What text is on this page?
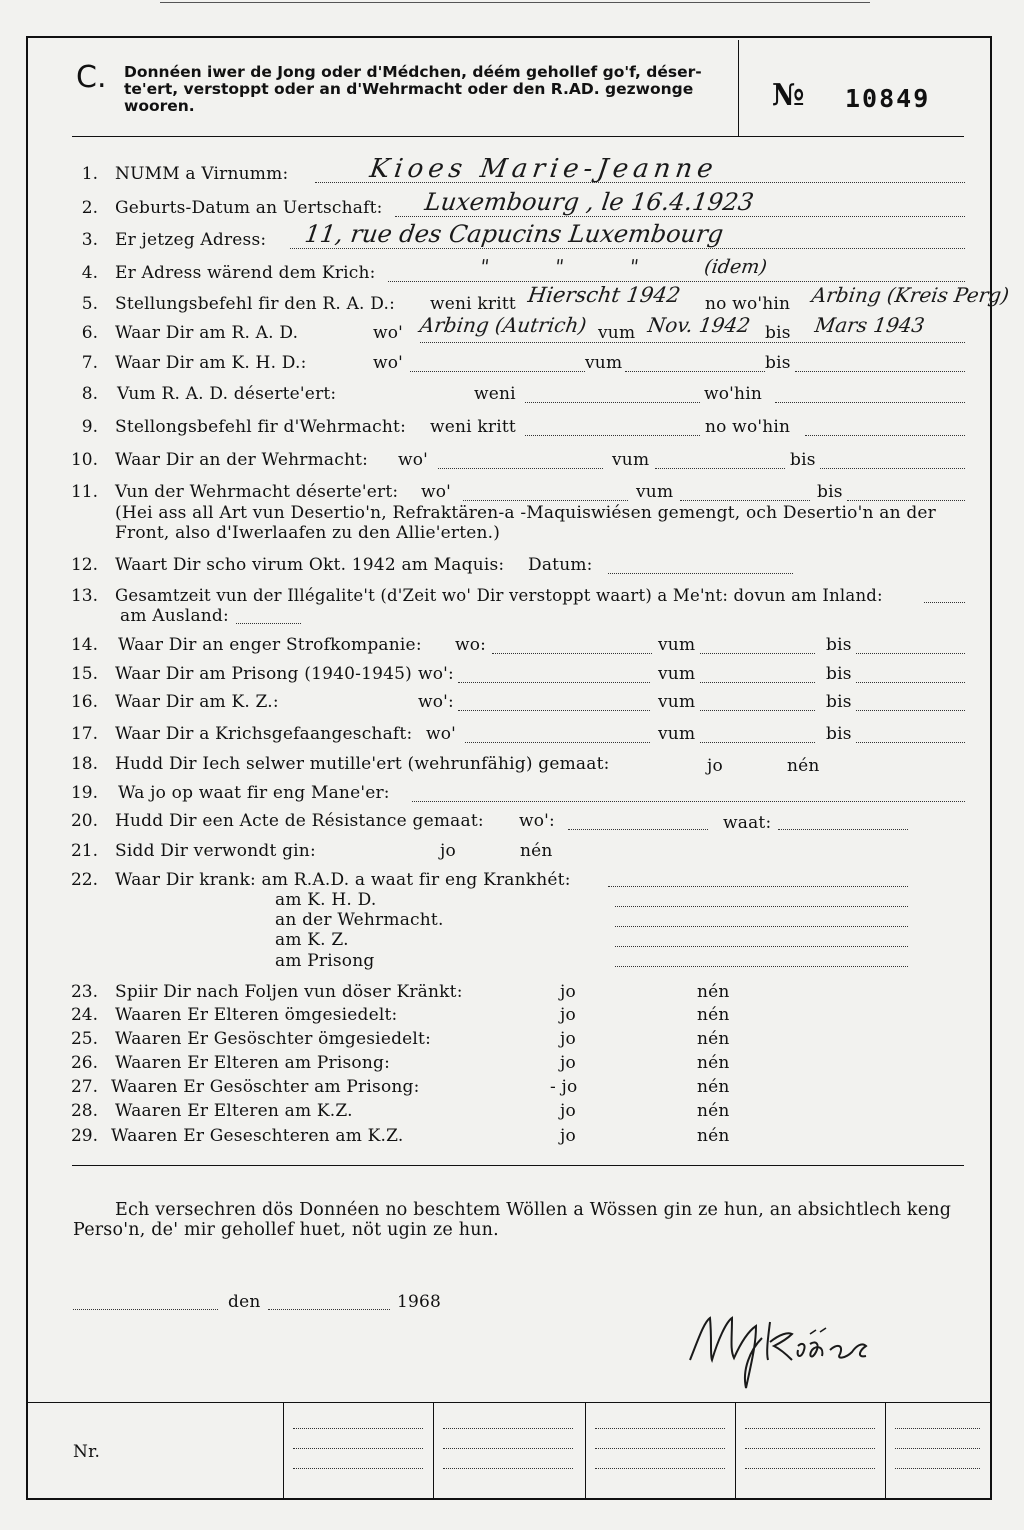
C. Donnéen iwer de Jong oder d'Médchen, déém gehollef go'f, déser-
te'ert, verstoppt oder an d'Wehrmacht oder den R.AD. gezwonge
wooren.	№ 10849
1. NUMM a Virnumm:	Kioes Marie-Jeanne
2. Geburts-Datum an Uertschaft: Luxembourg , le 16.4.1923
3. Er jetzeg Adress: 11, rue des Capucins Luxembourg
4. Er Adress wärend dem Krich:	" " " (idem)
5. Stellungsbefehl fir den R. A. D.: weni kritt Hierscht 1942 no wo'hin Arbing (Kreis Perg)
6. Waar Dir am R. A. D.	wo' Arbing (Autrich) vum Nov. 1942 bis Mars 1943
7. Waar Dir am K. H. D.:	wo'	vum	bis
8. Vum R. A. D. déserte'ert:	weni	wo'hin
9. Stellongsbefehl fir d'Wehrmacht: weni kritt	no wo'hin
10. Waar Dir an der Wehrmacht: wo'	vum	bis
11. Vun der Wehrmacht déserte'ert: wo'	vum	bis
(Hei ass all Art vun Desertio'n, Refraktären-a -Maquiswiésen gemengt, och Desertio'n an der
Front, also d'Iwerlaafen zu den Allie'erten.)
12. Waart Dir scho virum Okt. 1942 am Maquis: Datum:
13. Gesamtzeit vun der Illégalite't (d'Zeit wo' Dir verstoppt waart) a Me'nt: dovun am Inland:
am Ausland:
14. Waar Dir an enger Strofkompanie: wo:	vum	bis
15. Waar Dir am Prisong (1940-1945) wo':	vum	bis
16. Waar Dir am K. Z.:	wo':	vum	bis
17. Waar Dir a Krichsgefaangeschaft: wo'	vum	bis
18. Hudd Dir Iech selwer mutille'ert (wehrunfähig) gemaat:	jo	nén
19. Wa jo op waat fir eng Mane'er:
20. Hudd Dir een Acte de Résistance gemaat: wo':	waat:
21. Sidd Dir verwondt gin:	jo	nén
22. Waar Dir krank: am R.A.D. a waat fir eng Krankhét:
am K. H. D.
an der Wehrmacht.
am K. Z.
am Prisong
23. Spiir Dir nach Foljen vun döser Kränkt:	jo	nén
24. Waaren Er Elteren ömgesiedelt:	jo	nén
25. Waaren Er Gesöschter ömgesiedelt:	jo	nén
26. Waaren Er Elteren am Prisong:	jo	nén
27. Waaren Er Gesöschter am Prisong:	- jo	nén
28. Waaren Er Elteren am K.Z.	jo	nén
29. Waaren Er Geseschteren am K.Z.	jo	nén
Ech versechren dös Donnéen no beschtem Wöllen a Wössen gin ze hun, an absichtlech keng
Perso'n, de' mir gehollef huet, nöt ugin ze hun.
den	1968
Nr.
